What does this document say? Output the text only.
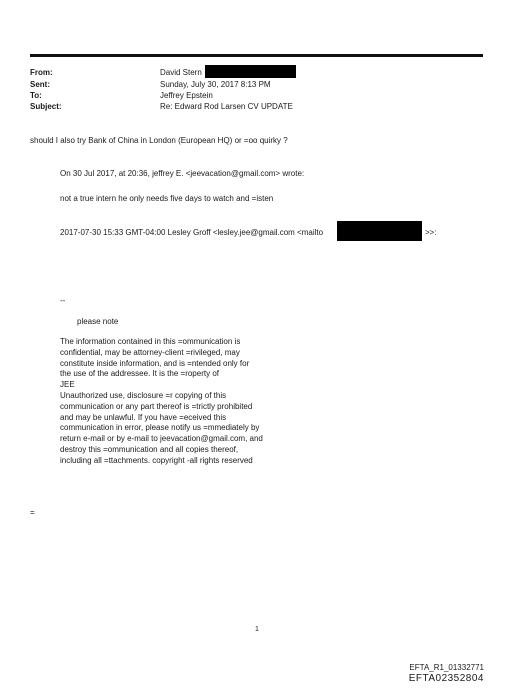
From:	David Stern
Sent:	Sunday, July 30, 2017 8:13 PM
To:	Jeffrey Epstein
Subject:	Re: Edward Rod Larsen CV UPDATE
should I also try Bank of China in London (European HQ) or =oo quirky ?
On 30 Jul 2017, at 20:36, jeffrey E. <jeevacation@gmail.com> wrote:
not a true intern he only needs five days to watch and =isten
2017-07-30 15:33 GMT-04:00 Lesley Groff <lesley.jee@gmail.com <mailto	>>:
--
please note
The information contained in this =ommunication is
confidential, may be attorney-client =rivileged, may
constitute inside information, and is =ntended only for
the use of the addressee. It is the =roperty of
JEE
Unauthorized use, disclosure =r copying of this
communication or any part thereof is =trictly prohibited
and may be unlawful. If you have =eceived this
communication in error, please notify us =mmediately by
return e-mail or by e-mail to jeevacation@gmail.com, and
destroy this =ommunication and all copies thereof,
including all =ttachments. copyright -all rights reserved
=
1
EFTA_R1_01332771
EFTA02352804
